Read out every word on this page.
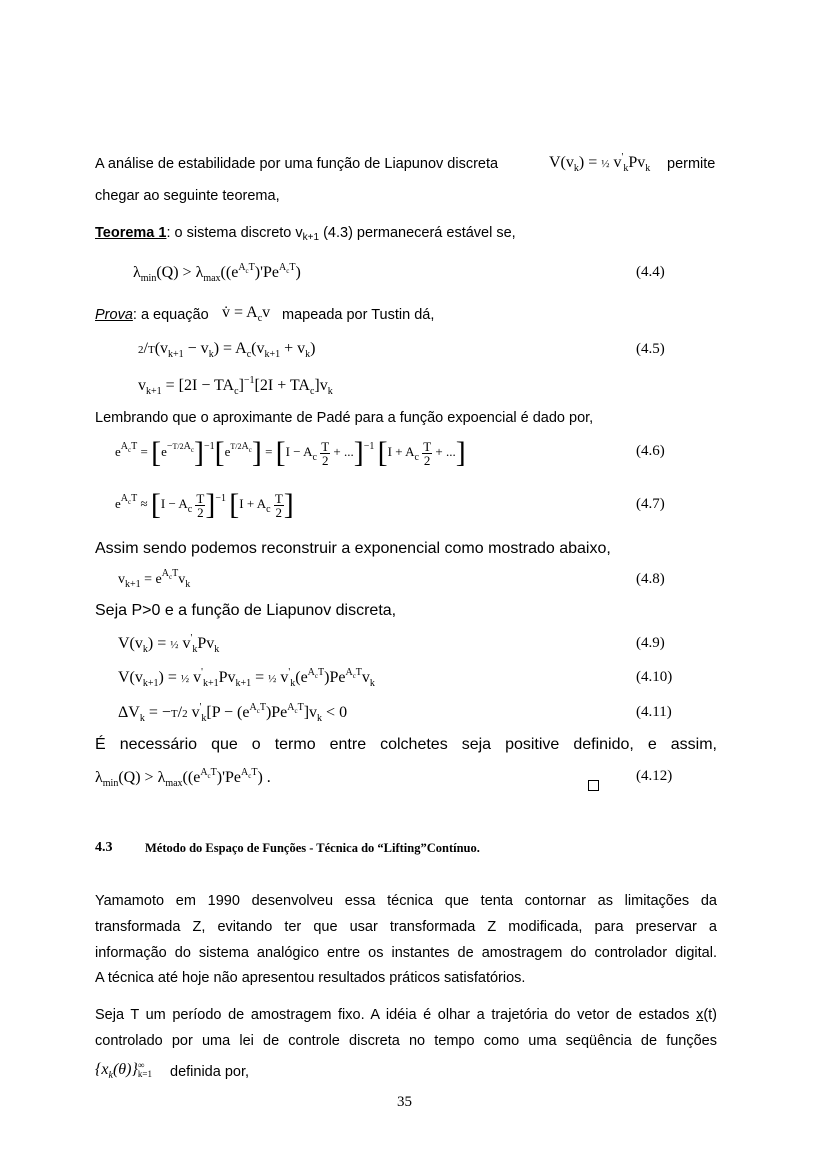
A análise de estabilidade por uma função de Liapunov discreta	$V(v_k)$ = ½ $v'_kPv_k$ permite
chegar ao seguinte teorema,
Teorema 1: o sistema discreto $v_{k+1}$ (4.3) permanecerá estável se,
$\lambda_{min}(Q) > \lambda_{max}((e^{A_cT})'Pe^{A_cT})$	(4.4)
Prova: a equação v̇ = $A_cv$ mapeada por Tustin dá,
$2/T(v_{k+1} - v_k) = A_c(v_{k+1} + v_k)$	(4.5)
$v_{k+1} = [2I - TA_c]^{-1}[2I + TA_c]v_k$
Lembrando que o aproximante de Padé para a função expoencial é dado por,
$e^{A_cT} = [e^{-T/2A_c}]^{-1}[e^{T/2A_c}] = [I - A_c \frac{T}{2} + ...]^{-1}$ [$I + A_c \frac{T}{2}$ + ...]	(4.6)
$e^{A_cT} \approx [I - A_c \frac{T}{2} ]^{-1}$ [$I + A_c \frac{T}{2}$ ]	(4.7)
Assim sendo podemos reconstruir a exponencial como mostrado abaixo,
$v_{k+1} = e^{A_cT}v_k$	(4.8)
Seja P>0 e a função de Liapunov discreta,
$V(v_k)$ = ½ $v'_kPv_k$	(4.9)
$V(v_{k+1})$ = ½ $v'_{k+1}Pv_{k+1}$ = ½ $v'_k(e^{A_cT})Pe^{A_cT}v_k$	(4.10)
$\Delta V_k = -T/2$ $v'_k[P - (e^{A_cT})Pe^{A_cT}]v_k < 0$	(4.11)
É necessário que o termo entre colchetes seja positive definido, e assim,
$\lambda_{min}(Q) > \lambda_{max}((e^{A_cT})'Pe^{A_cT})$ .	(4.12)
4.3	Método do Espaço de Funções - Técnica do “Lifting”Contínuo.
Yamamoto em 1990 desenvolveu essa técnica que tenta contornar as limitações da
transformada Z, evitando ter que usar transformada Z modificada, para preservar a
informação do sistema analógico entre os instantes de amostragem do controlador digital.
A técnica até hoje não apresentou resultados práticos satisfatórios.
Seja T um período de amostragem fixo. A idéia é olhar a trajetória do vetor de estados x(t)
controlado por uma lei de controle discreta no tempo como uma seqüência de funções
$\{x_k(\theta)\}$ ∞
k=1 definida por,
35
